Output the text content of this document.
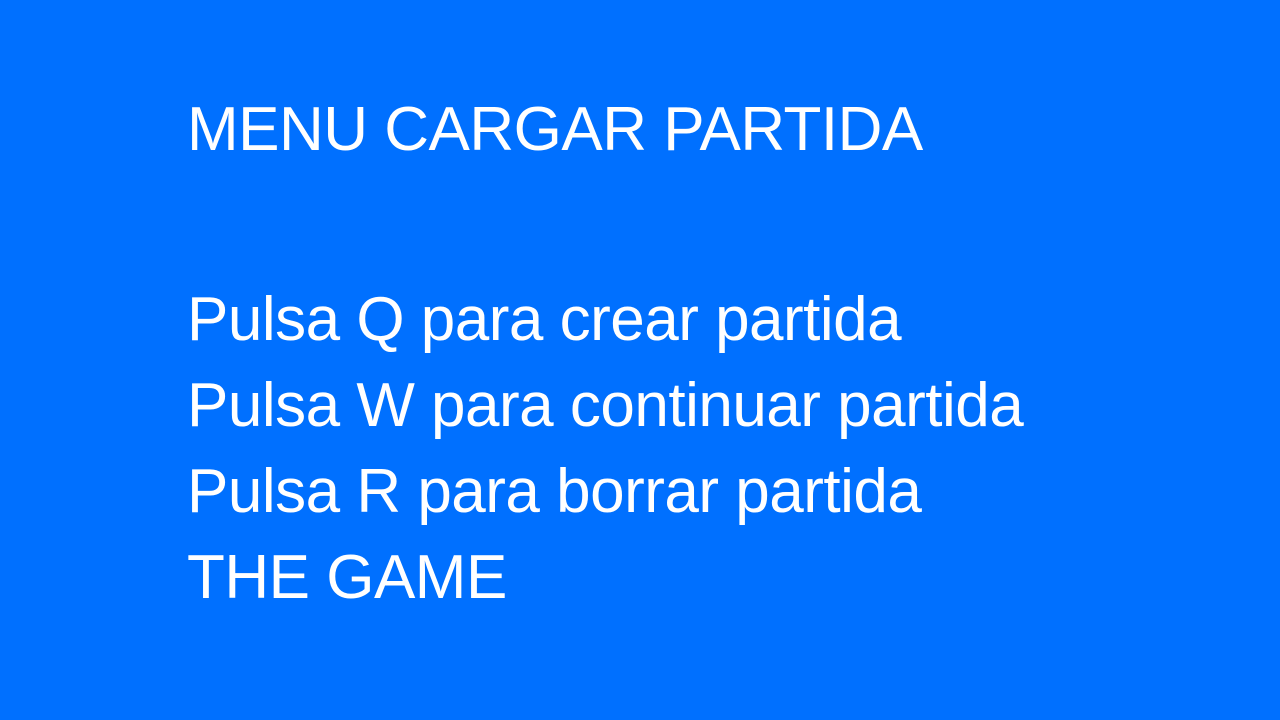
MENU CARGAR PARTIDA
Pulsa Q para crear partida
Pulsa W para continuar partida
Pulsa R para borrar partida
THE GAME
